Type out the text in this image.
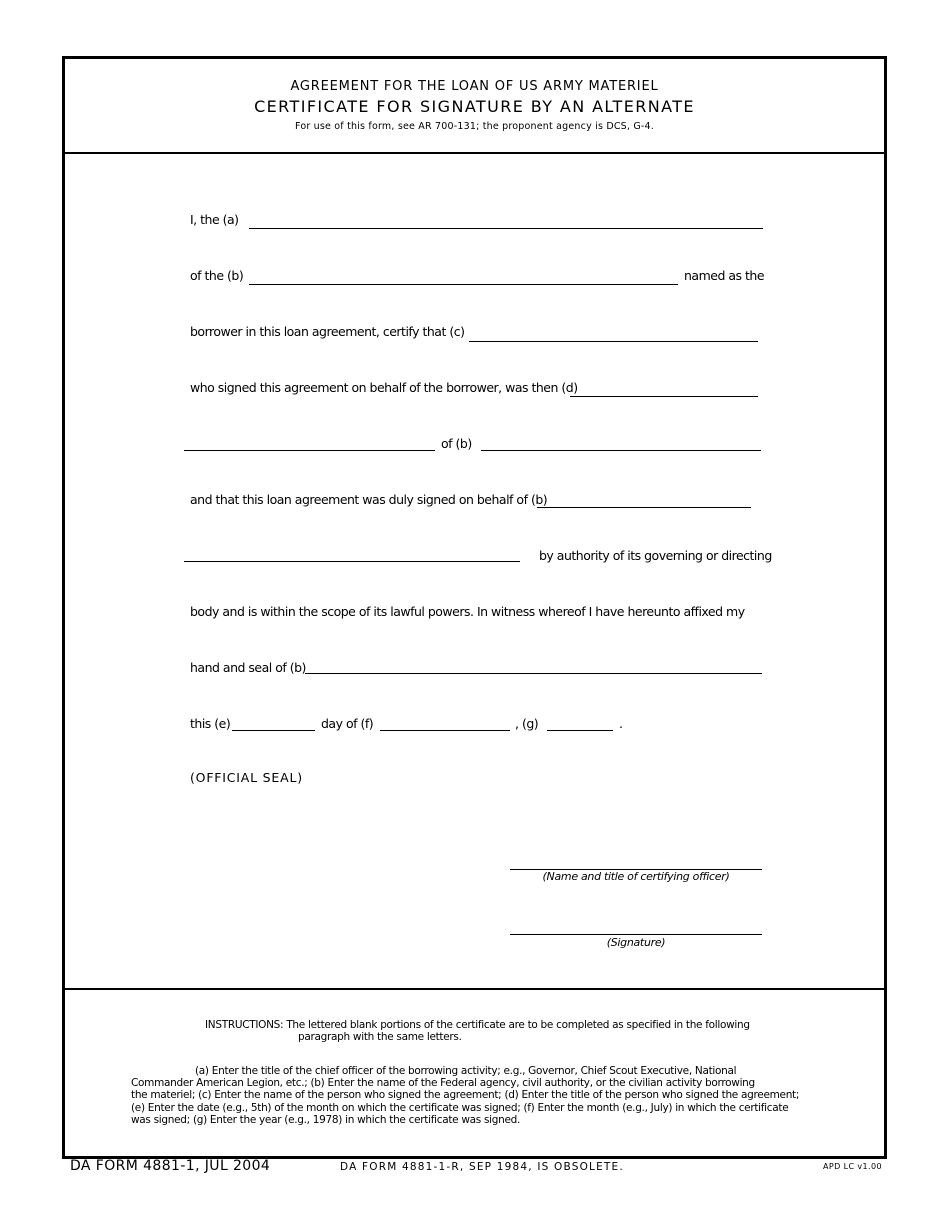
AGREEMENT FOR THE LOAN OF US ARMY MATERIEL
CERTIFICATE FOR SIGNATURE BY AN ALTERNATE
For use of this form, see AR 700-131; the proponent agency is DCS, G-4.
I, the (a)
of the (b)	named as the
borrower in this loan agreement, certify that (c)
who signed this agreement on behalf of the borrower, was then (d)
of (b)
and that this loan agreement was duly signed on behalf of (b)
by authority of its governing or directing
body and is within the scope of its lawful powers. In witness whereof I have hereunto affixed my
hand and seal of (b)
this (e)	day of (f)	, (g)	.
(OFFICIAL SEAL)
(Name and title of certifying officer)
(Signature)
INSTRUCTIONS: The lettered blank portions of the certificate are to be completed as specified in the following
paragraph with the same letters.
(a) Enter the title of the chief officer of the borrowing activity; e.g., Governor, Chief Scout Executive, National
Commander American Legion, etc.; (b) Enter the name of the Federal agency, civil authority, or the civilian activity borrowing
the materiel; (c) Enter the name of the person who signed the agreement; (d) Enter the title of the person who signed the agreement;
(e) Enter the date (e.g., 5th) of the month on which the certificate was signed; (f) Enter the month (e.g., July) in which the certificate
was signed; (g) Enter the year (e.g., 1978) in which the certificate was signed.
DA FORM 4881-1, JUL 2004	DA FORM 4881-1-R, SEP 1984, IS OBSOLETE.	APD LC v1.00
